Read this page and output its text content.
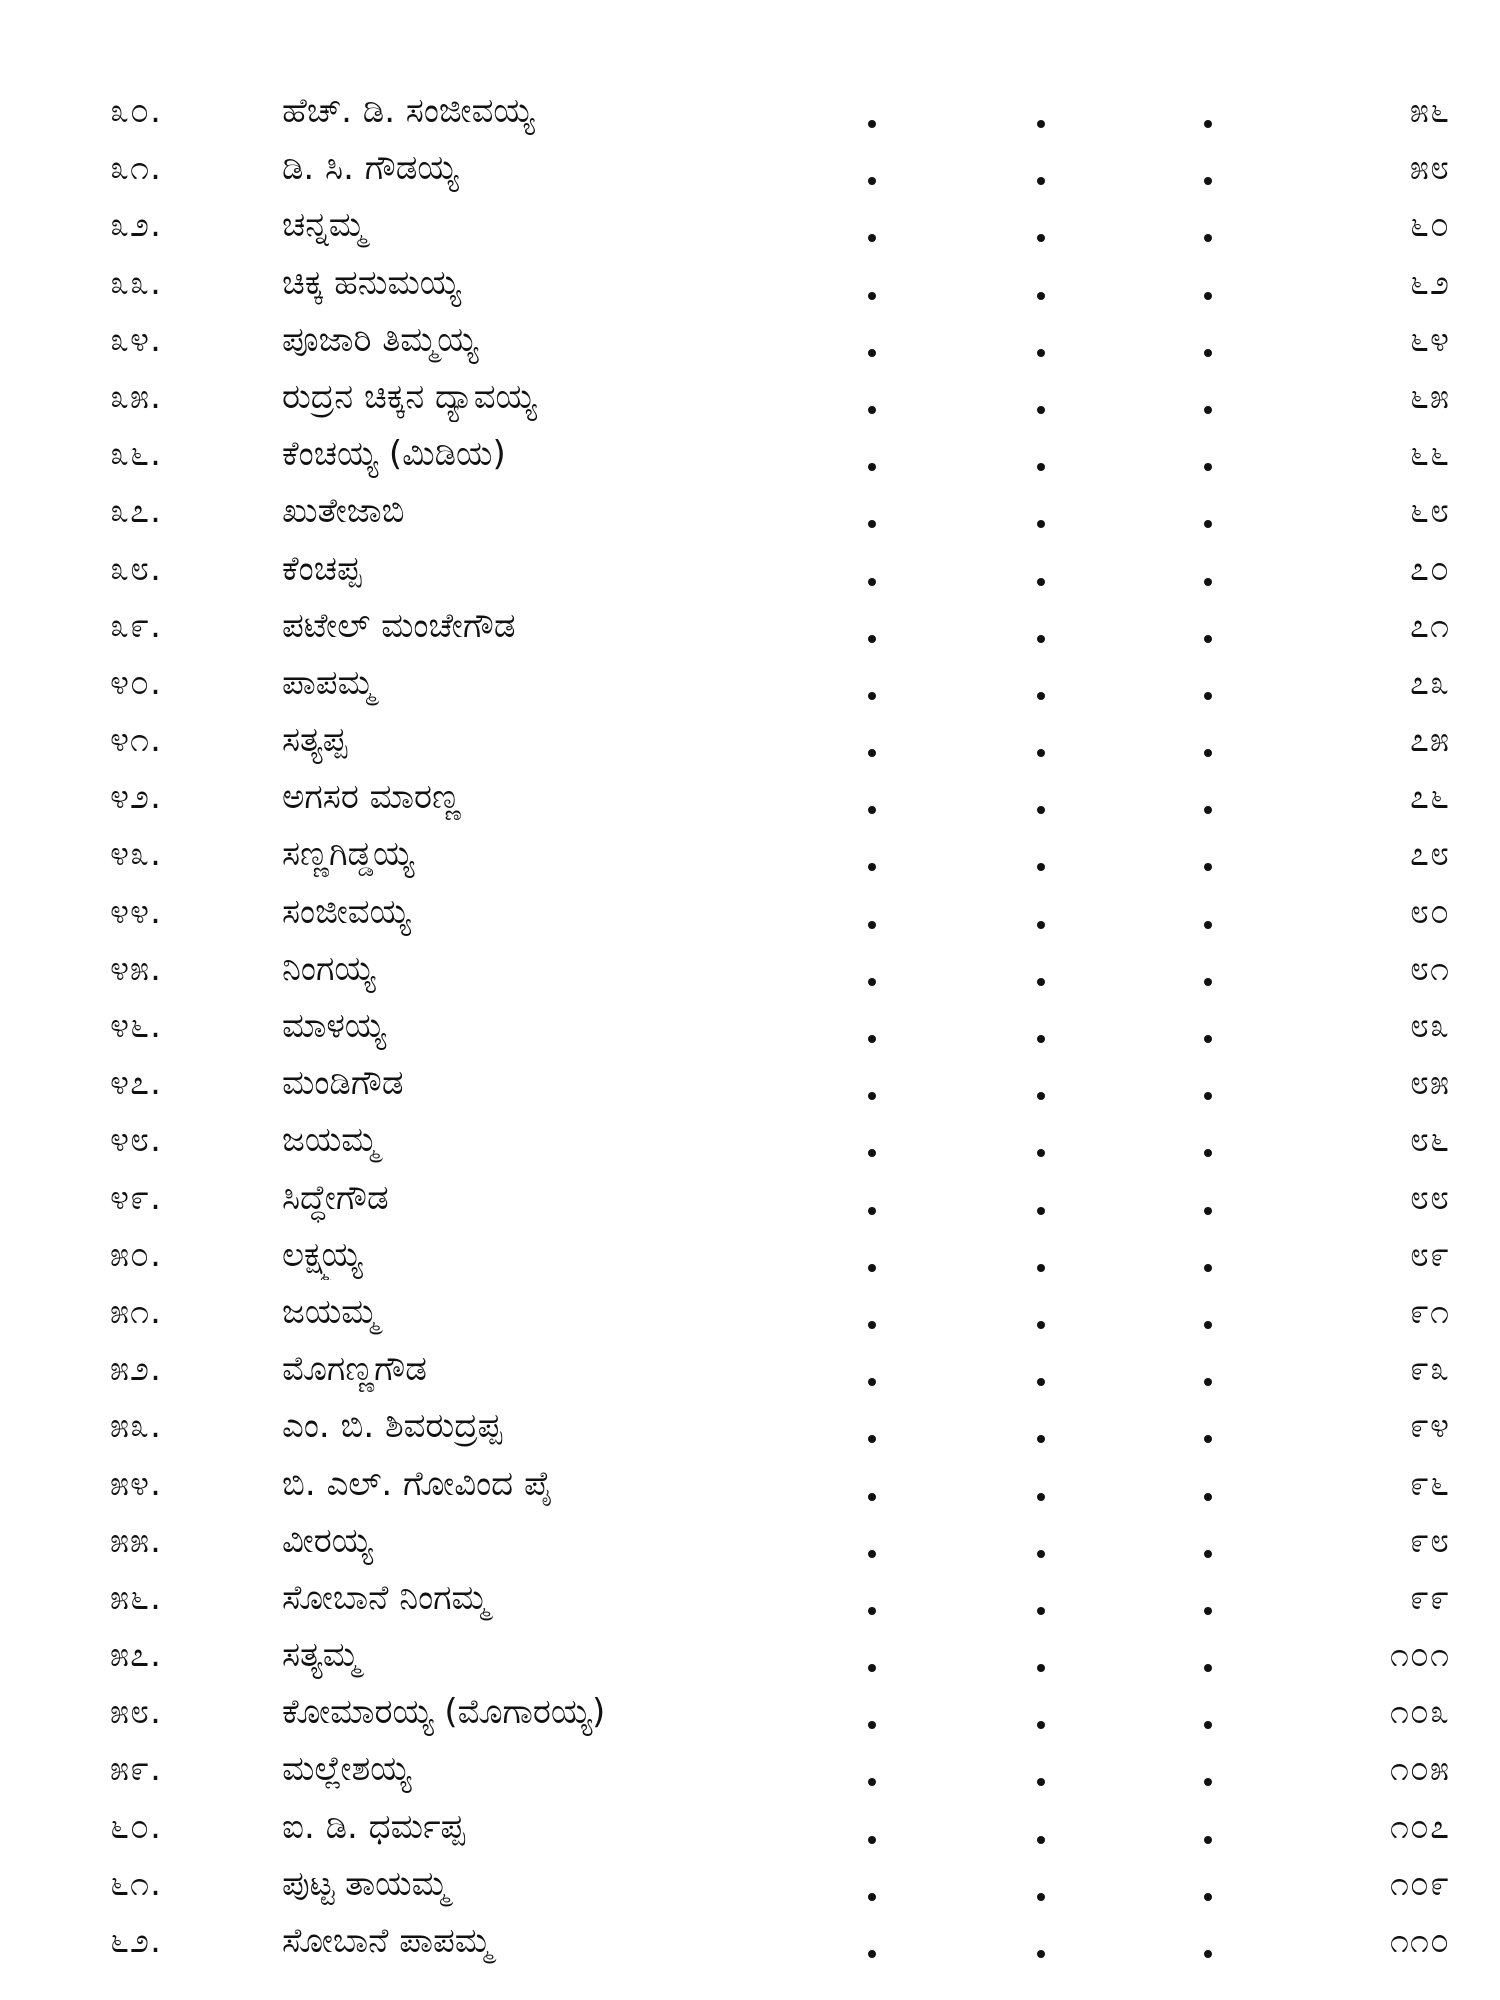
೩೦.	ಹೆಚ್. ಡಿ. ಸಂಜೀವಯ್ಯ	೫೬
೩೧.	ಡಿ. ಸಿ. ಗೌಡಯ್ಯ	೫೮
೩೨.	ಚನ್ನಮ್ಮ	೬೦
೩೩.	ಚಿಕ್ಕ ಹನುಮಯ್ಯ	೬೨
೩೪.	ಪೂಜಾರಿ ತಿಮ್ಮಯ್ಯ	೬೪
೩೫.	ರುದ್ರನ ಚಿಕ್ಕನ ದ್ಯಾವಯ್ಯ	೬೫
೩೬.	ಕೆಂಚಯ್ಯ (ಮಿಡಿಯ)	೬೬
೩೭.	ಖುತೇಜಾಬಿ	೬೮
೩೮.	ಕೆಂಚಪ್ಪ	೭೦
೩೯.	ಪಟೇಲ್ ಮಂಚೇಗೌಡ	೭೧
೪೦.	ಪಾಪಮ್ಮ	೭೩
೪೧.	ಸತ್ಯಪ್ಪ	೭೫
೪೨.	ಅಗಸರ ಮಾರಣ್ಣ	೭೬
೪೩.	ಸಣ್ಣಗಿಡ್ಡಯ್ಯ	೭೮
೪೪.	ಸಂಜೀವಯ್ಯ	೮೦
೪೫.	ನಿಂಗಯ್ಯ	೮೧
೪೬.	ಮಾಳಯ್ಯ	೮೩
೪೭.	ಮಂಡಿಗೌಡ	೮೫
೪೮.	ಜಯಮ್ಮ	೮೬
೪೯.	ಸಿದ್ಧೇಗೌಡ	೮೮
೫೦.	ಲಕ್ಷ್ಮಯ್ಯ	೮೯
೫೧.	ಜಯಮ್ಮ	೯೧
೫೨.	ಮೊಗಣ್ಣಗೌಡ	೯೩
೫೩.	ಎಂ. ಬಿ. ಶಿವರುದ್ರಪ್ಪ	೯೪
೫೪.	ಬಿ. ಎಲ್. ಗೋವಿಂದ ಪೈ	೯೬
೫೫.	ವೀರಯ್ಯ	೯೮
೫೬.	ಸೋಬಾನೆ ನಿಂಗಮ್ಮ	೯೯
೫೭.	ಸತ್ಯಮ್ಮ	೧೦೧
೫೮.	ಕೋಮಾರಯ್ಯ (ಮೊಗಾರಯ್ಯ)	೧೦೩
೫೯.	ಮಲ್ಲೇಶಯ್ಯ	೧೦೫
೬೦.	ಐ. ಡಿ. ಧರ್ಮಪ್ಪ	೧೦೭
೬೧.	ಪುಟ್ಟ ತಾಯಮ್ಮ	೧೦೯
೬೨.	ಸೋಬಾನೆ ಪಾಪಮ್ಮ	೧೧೦
